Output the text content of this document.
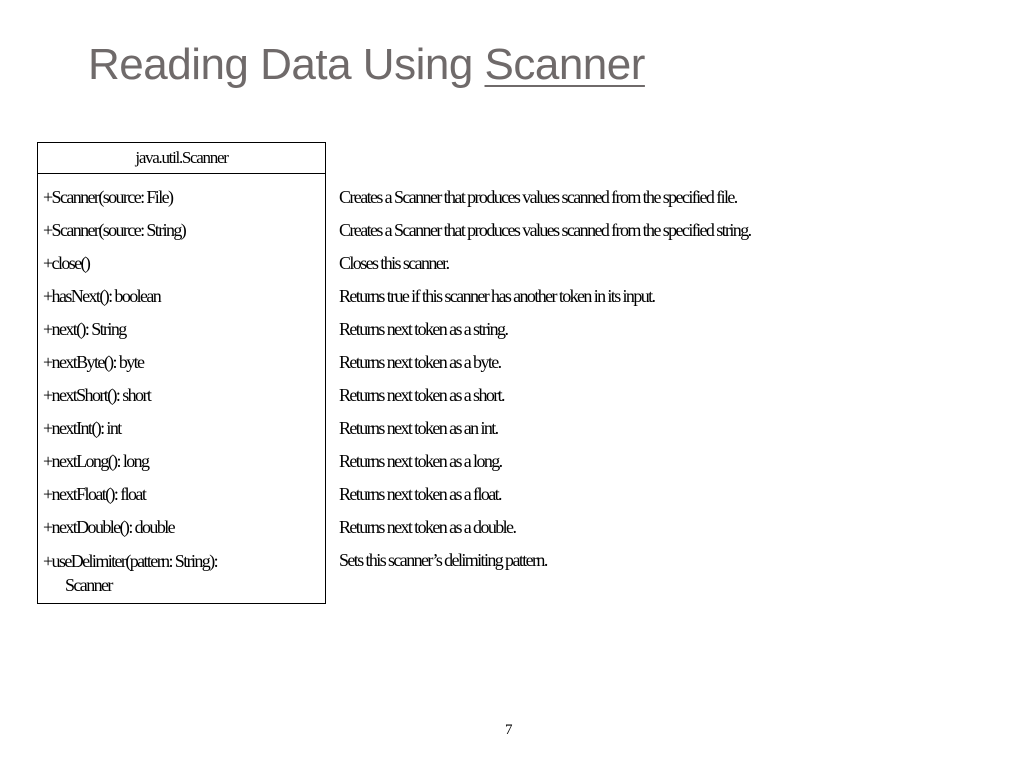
Reading Data Using Scanner
java.util.Scanner
+Scanner(source: File)
+Scanner(source: String)
+close()
+hasNext(): boolean
+next(): String
+nextByte(): byte
+nextShort(): short
+nextInt(): int
+nextLong(): long
+nextFloat(): float
+nextDouble(): double
+useDelimiter(pattern: String):
Scanner
Creates a Scanner that produces values scanned from the specified file.
Creates a Scanner that produces values scanned from the specified string.
Closes this scanner.
Returns true if this scanner has another token in its input.
Returns next token as a string.
Returns next token as a byte.
Returns next token as a short.
Returns next token as an int.
Returns next token as a long.
Returns next token as a float.
Returns next token as a double.
Sets this scanner’s delimiting pattern.
7
